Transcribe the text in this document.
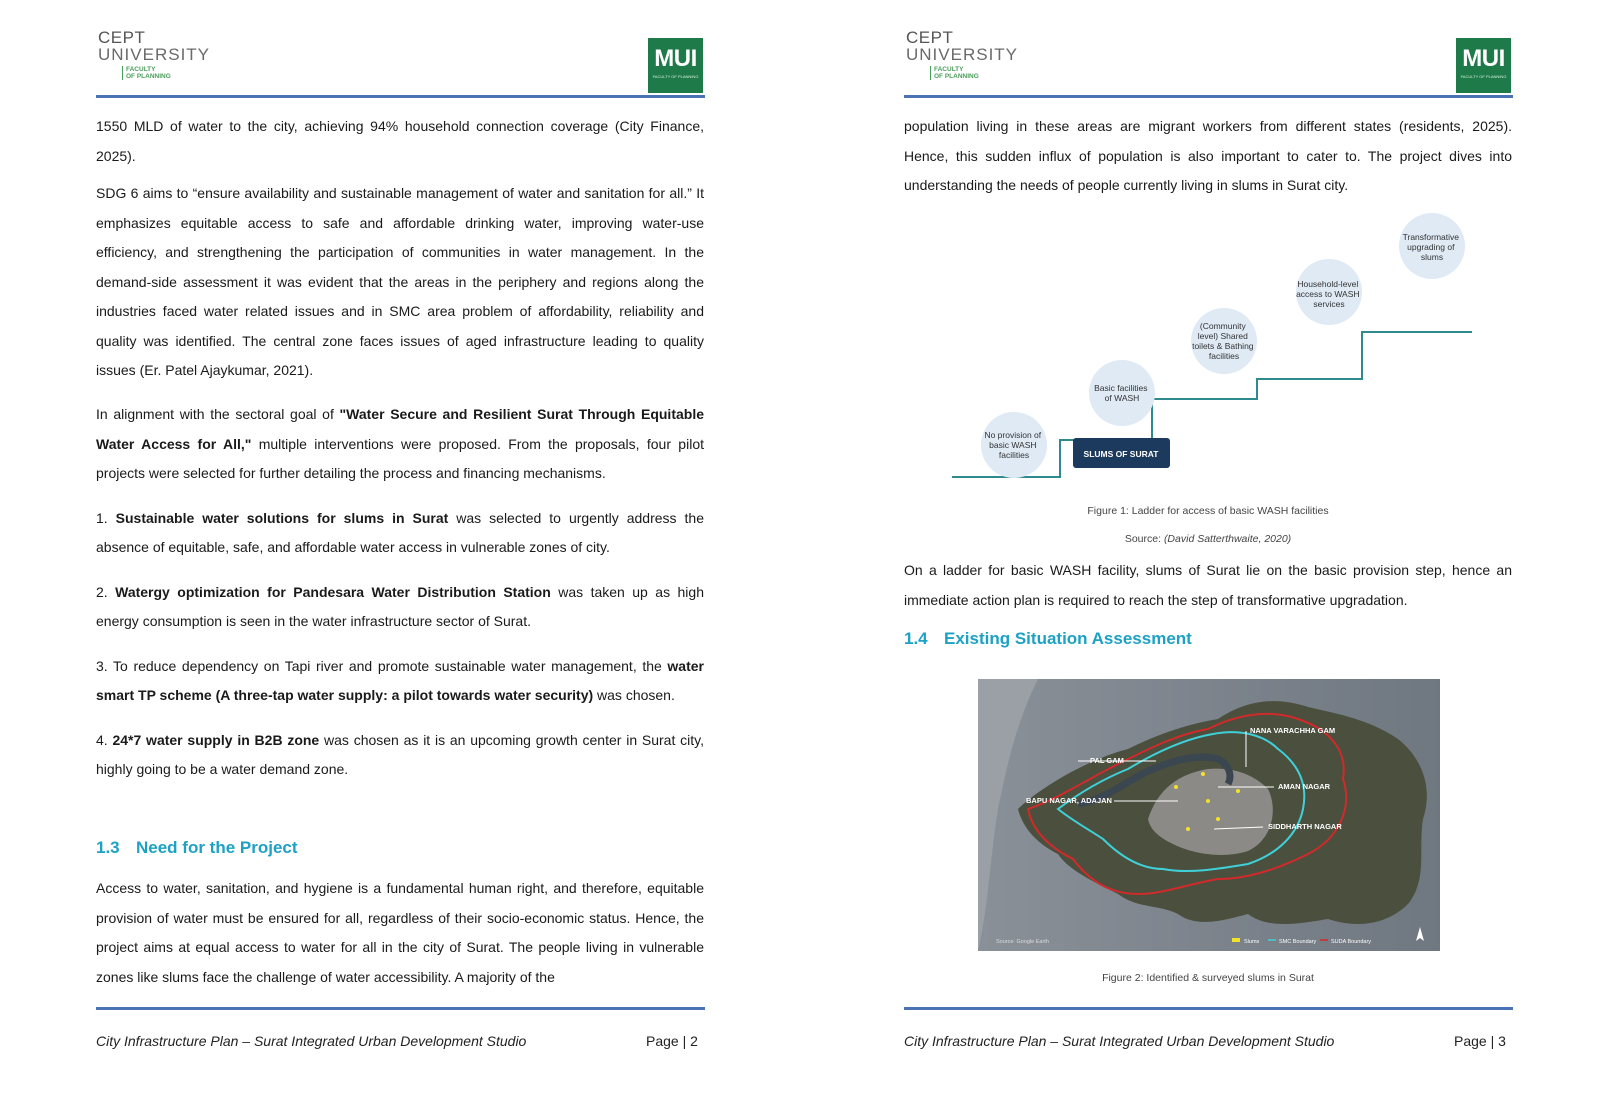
CEPT
UNIVERSITY
FACULTY
OF PLANNING
MUI
FACULTY OF PLANNING

1550 MLD of water to the city, achieving 94% household connection coverage (City Finance, 2025).

SDG 6 aims to “ensure availability and sustainable management of water and sanitation for all.” It emphasizes equitable access to safe and affordable drinking water, improving water-use efficiency, and strengthening the participation of communities in water management. In the demand-side assessment it was evident that the areas in the periphery and regions along the industries faced water related issues and in SMC area problem of affordability, reliability and quality was identified. The central zone faces issues of aged infrastructure leading to quality issues (Er. Patel Ajaykumar, 2021).

In alignment with the sectoral goal of "Water Secure and Resilient Surat Through Equitable Water Access for All," multiple interventions were proposed. From the proposals, four pilot projects were selected for further detailing the process and financing mechanisms.

1. Sustainable water solutions for slums in Surat was selected to urgently address the absence of equitable, safe, and affordable water access in vulnerable zones of city.

2. Watergy optimization for Pandesara Water Distribution Station was taken up as high energy consumption is seen in the water infrastructure sector of Surat.

3. To reduce dependency on Tapi river and promote sustainable water management, the water smart TP scheme (A three-tap water supply: a pilot towards water security) was chosen.

4. 24*7 water supply in B2B zone was chosen as it is an upcoming growth center in Surat city, highly going to be a water demand zone.

1.3 Need for the Project

Access to water, sanitation, and hygiene is a fundamental human right, and therefore, equitable provision of water must be ensured for all, regardless of their socio-economic status. Hence, the project aims at equal access to water for all in the city of Surat. The people living in vulnerable zones like slums face the challenge of water accessibility. A majority of the

City Infrastructure Plan – Surat Integrated Urban Development Studio	Page | 2
CEPT
UNIVERSITY
FACULTY
OF PLANNING
MUI
FACULTY OF PLANNING

population living in these areas are migrant workers from different states (residents, 2025). Hence, this sudden influx of population is also important to cater to. The project dives into understanding the needs of people currently living in slums in Surat city.

No provision of basic WASH facilities
Basic facilities of WASH
(Community level) Shared toilets & Bathing facilities
Household-level access to WASH services
Transformative upgrading of slums
SLUMS OF SURAT
Figure 1: Ladder for access of basic WASH facilities
Source: (David Satterthwaite, 2020)

On a ladder for basic WASH facility, slums of Surat lie on the basic provision step, hence an immediate action plan is required to reach the step of transformative upgradation.

1.4 Existing Situation Assessment
NANA VARACHHA GAM
PAL GAM
AMAN NAGAR
BAPU NAGAR, ADAJAN
SIDDHARTH NAGAR
Source: Google Earth	Slums	SMC Boundary	SUDA Boundary
Figure 2: Identified & surveyed slums in Surat
City Infrastructure Plan – Surat Integrated Urban Development Studio	Page | 3
